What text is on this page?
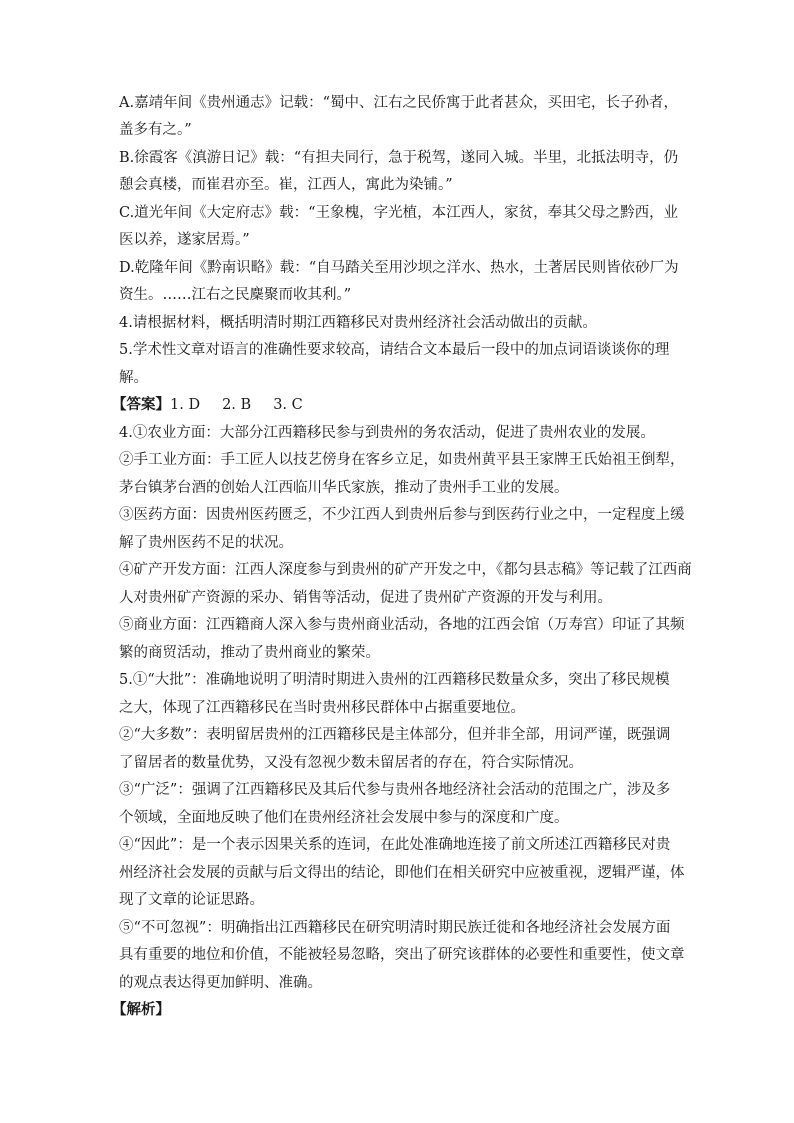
A.嘉靖年间《贵州通志》记载：“蜀中、江右之民侨寓于此者甚众，买田宅，长子孙者，
盖多有之。”
B.徐霞客《滇游日记》载：“有担夫同行，急于税驾，遂同入城。半里，北抵法明寺，仍
憩会真楼，而崔君亦至。崔，江西人，寓此为染铺。”
C.道光年间《大定府志》载：“王象槐，字光植，本江西人，家贫，奉其父母之黔西，业
医以养，遂家居焉。”
D.乾隆年间《黔南识略》载：“自马踏关至用沙坝之洋水、热水，土著居民则皆依砂厂为
资生。……江右之民麇聚而收其利。”
4.请根据材料，概括明清时期江西籍移民对贵州经济社会活动做出的贡献。
5.学术性文章对语言的准确性要求较高，请结合文本最后一段中的加点词语谈谈你的理
解。
【答案】1. D 2. B 3. C
4.①农业方面：大部分江西籍移民参与到贵州的务农活动，促进了贵州农业的发展。
②手工业方面：手工匠人以技艺傍身在客乡立足，如贵州黄平县王家牌王氏始祖王倒犁，
茅台镇茅台酒的创始人江西临川华氏家族，推动了贵州手工业的发展。
③医药方面：因贵州医药匮乏，不少江西人到贵州后参与到医药行业之中，一定程度上缓
解了贵州医药不足的状况。
④矿产开发方面：江西人深度参与到贵州的矿产开发之中，《都匀县志稿》等记载了江西商
人对贵州矿产资源的采办、销售等活动，促进了贵州矿产资源的开发与利用。
⑤商业方面：江西籍商人深入参与贵州商业活动，各地的江西会馆（万寿宫）印证了其频
繁的商贸活动，推动了贵州商业的繁荣。
5.①“大批”：准确地说明了明清时期进入贵州的江西籍移民数量众多，突出了移民规模
之大，体现了江西籍移民在当时贵州移民群体中占据重要地位。
②“大多数”：表明留居贵州的江西籍移民是主体部分，但并非全部，用词严谨，既强调
了留居者的数量优势，又没有忽视少数未留居者的存在，符合实际情况。
③“广泛”：强调了江西籍移民及其后代参与贵州各地经济社会活动的范围之广，涉及多
个领域，全面地反映了他们在贵州经济社会发展中参与的深度和广度。
④“因此”：是一个表示因果关系的连词，在此处准确地连接了前文所述江西籍移民对贵
州经济社会发展的贡献与后文得出的结论，即他们在相关研究中应被重视，逻辑严谨，体
现了文章的论证思路。
⑤“不可忽视”：明确指出江西籍移民在研究明清时期民族迁徙和各地经济社会发展方面
具有重要的地位和价值，不能被轻易忽略，突出了研究该群体的必要性和重要性，使文章
的观点表达得更加鲜明、准确。
【解析】
